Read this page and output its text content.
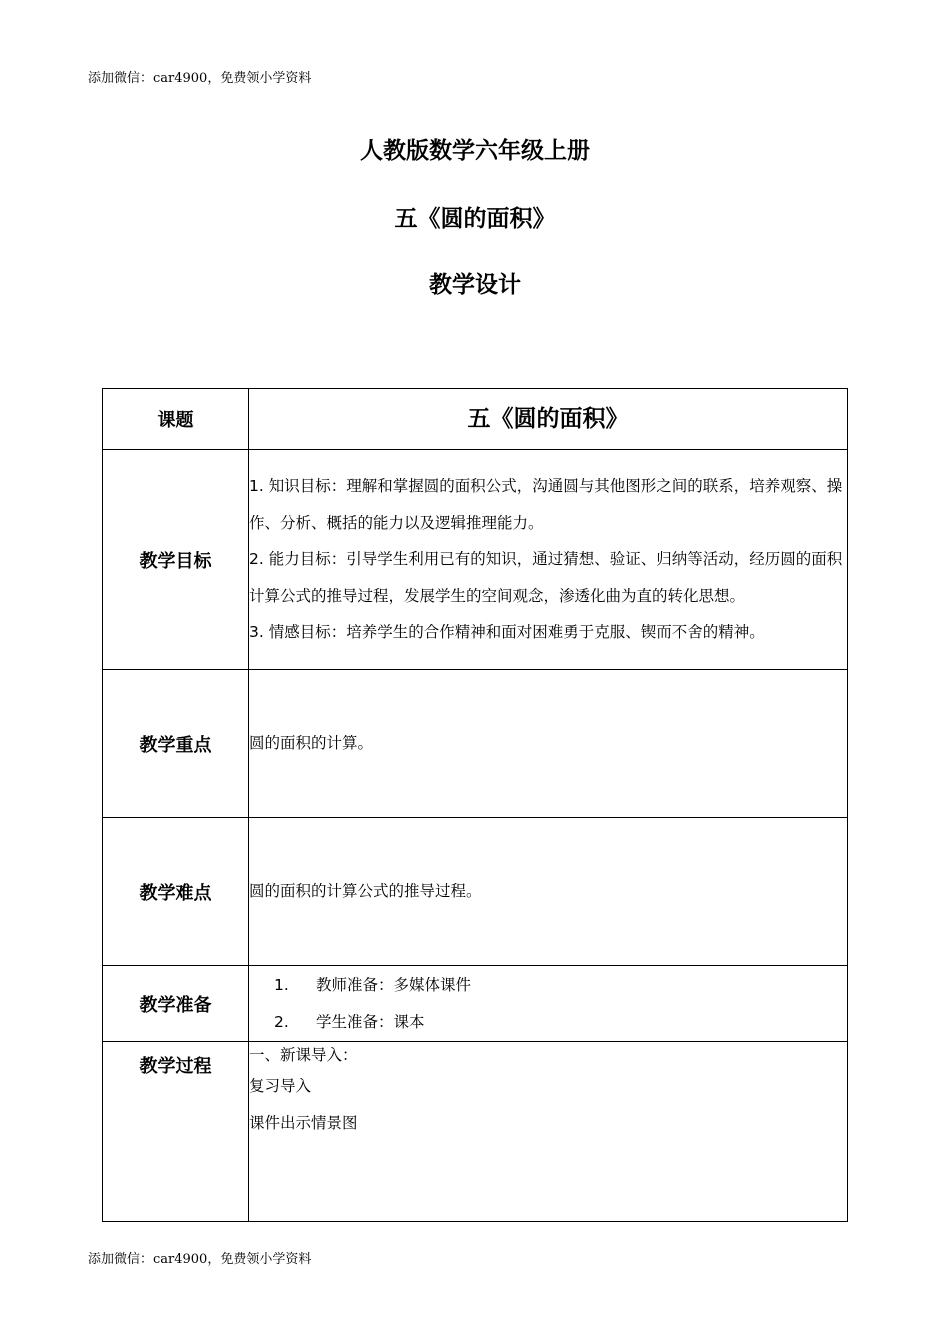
添加微信：car4900，免费领小学资料
人教版数学六年级上册
五《圆的面积》
教学设计
课题	五《圆的面积》

教学目标	1. 知识目标：理解和掌握圆的面积公式，沟通圆与其他图形之间的联系，培养观察、操作、分析、概括的能力以及逻辑推理能力。
2. 能力目标：引导学生利用已有的知识，通过猜想、验证、归纳等活动，经历圆的面积计算公式的推导过程，发展学生的空间观念，渗透化曲为直的转化思想。
3. 情感目标：培养学生的合作精神和面对困难勇于克服、锲而不舍的精神。

教学重点	圆的面积的计算。
教学难点	圆的面积的计算公式的推导过程。
教学准备	1. 教师准备：多媒体课件
2. 学生准备：课本

教学过程	一、新课导入：
复习导入
课件出示情景图
添加微信：car4900，免费领小学资料
